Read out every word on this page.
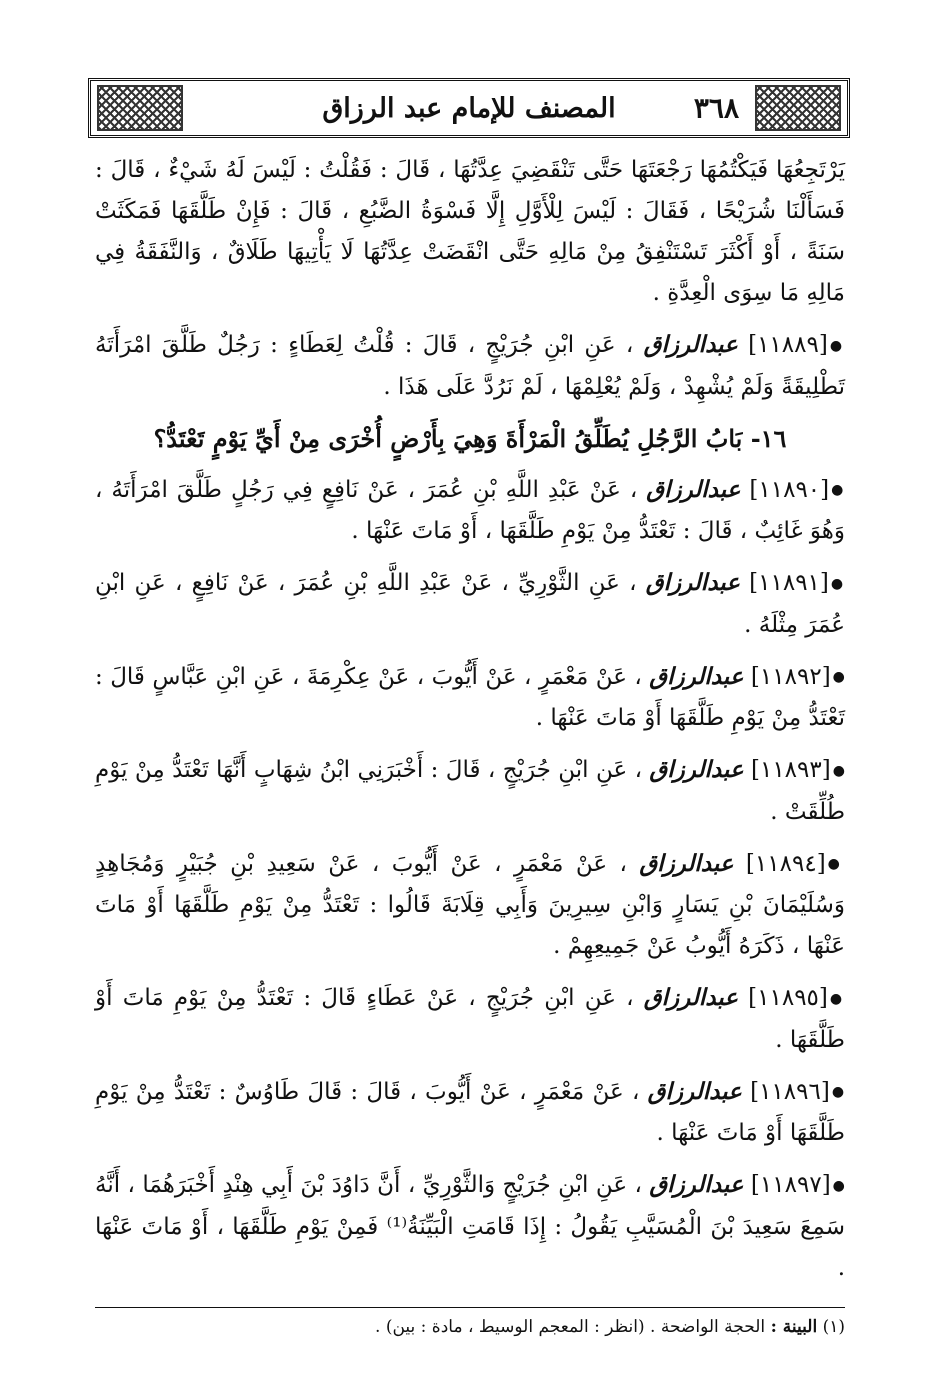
المصنف للإمام عبد الرزاق	٣٦٨

يَرْتَجِعُهَا فَيَكْتُمُهَا رَجْعَتَهَا حَتَّى تَنْقَضِيَ عِدَّتُهَا ، قَالَ : فَقُلْتُ : لَيْسَ لَهُ شَيْءٌ ، قَالَ : فَسَأَلْنَا شُرَيْحًا ، فَقَالَ : لَيْسَ لِلْأَوَّلِ إِلَّا فَسْوَةُ الضَّبُعِ ، قَالَ : فَإِنْ طَلَّقَهَا فَمَكَثَتْ سَنَةً ، أَوْ أَكْثَرَ تَسْتَنْفِقُ مِنْ مَالِهِ حَتَّى انْقَضَتْ عِدَّتُهَا لَا يَأْتِيهَا طَلَاقٌ ، وَالنَّفَقَةُ فِي مَالِهِ مَا سِوَى الْعِدَّةِ .

●[١١٨٨٩] عبدالرزاق ، عَنِ ابْنِ جُرَيْجٍ ، قَالَ : قُلْتُ لِعَطَاءٍ : رَجُلٌ طَلَّقَ امْرَأَتَهُ تَطْلِيقَةً وَلَمْ يُشْهِدْ ، وَلَمْ يُعْلِمْهَا ، لَمْ نَرُدَّ عَلَى هَذَا .

١٦- بَابُ الرَّجُلِ يُطَلِّقُ الْمَرْأَةَ وَهِيَ بِأَرْضٍ أُخْرَى مِنْ أَيِّ يَوْمٍ تَعْتَدُّ؟

●[١١٨٩٠] عبدالرزاق ، عَنْ عَبْدِ اللَّهِ بْنِ عُمَرَ ، عَنْ نَافِعٍ فِي رَجُلٍ طَلَّقَ امْرَأَتَهُ ، وَهُوَ غَائِبٌ ، قَالَ : تَعْتَدُّ مِنْ يَوْمِ طَلَّقَهَا ، أَوْ مَاتَ عَنْهَا .

●[١١٨٩١] عبدالرزاق ، عَنِ الثَّوْرِيِّ ، عَنْ عَبْدِ اللَّهِ بْنِ عُمَرَ ، عَنْ نَافِعٍ ، عَنِ ابْنِ عُمَرَ مِثْلَهُ .

●[١١٨٩٢] عبدالرزاق ، عَنْ مَعْمَرٍ ، عَنْ أَيُّوبَ ، عَنْ عِكْرِمَةَ ، عَنِ ابْنِ عَبَّاسٍ قَالَ : تَعْتَدُّ مِنْ يَوْمِ طَلَّقَهَا أَوْ مَاتَ عَنْهَا .

●[١١٨٩٣] عبدالرزاق ، عَنِ ابْنِ جُرَيْجٍ ، قَالَ : أَخْبَرَنِي ابْنُ شِهَابٍ أَنَّهَا تَعْتَدُّ مِنْ يَوْمِ طُلِّقَتْ .

●[١١٨٩٤] عبدالرزاق ، عَنْ مَعْمَرٍ ، عَنْ أَيُّوبَ ، عَنْ سَعِيدِ بْنِ جُبَيْرٍ وَمُجَاهِدٍ وَسُلَيْمَانَ بْنِ يَسَارٍ وَابْنِ سِيرِينَ وَأَبِي قِلَابَةَ قَالُوا : تَعْتَدُّ مِنْ يَوْمِ طَلَّقَهَا أَوْ مَاتَ عَنْهَا ، ذَكَرَهُ أَيُّوبُ عَنْ جَمِيعِهِمْ .

●[١١٨٩٥] عبدالرزاق ، عَنِ ابْنِ جُرَيْجٍ ، عَنْ عَطَاءٍ قَالَ : تَعْتَدُّ مِنْ يَوْمِ مَاتَ أَوْ طَلَّقَهَا .

●[١١٨٩٦] عبدالرزاق ، عَنْ مَعْمَرٍ ، عَنْ أَيُّوبَ ، قَالَ : قَالَ طَاوُسٌ : تَعْتَدُّ مِنْ يَوْمِ طَلَّقَهَا أَوْ مَاتَ عَنْهَا .

●[١١٨٩٧] عبدالرزاق ، عَنِ ابْنِ جُرَيْجٍ وَالثَّوْرِيِّ ، أَنَّ دَاوُدَ بْنَ أَبِي هِنْدٍ أَخْبَرَهُمَا ، أَنَّهُ سَمِعَ سَعِيدَ بْنَ الْمُسَيَّبِ يَقُولُ : إِذَا قَامَتِ الْبَيِّنَةُ⁽¹⁾ فَمِنْ يَوْمِ طَلَّقَهَا ، أَوْ مَاتَ عَنْهَا .

(١) البينة : الحجة الواضحة . (انظر : المعجم الوسيط ، مادة : بين) .
